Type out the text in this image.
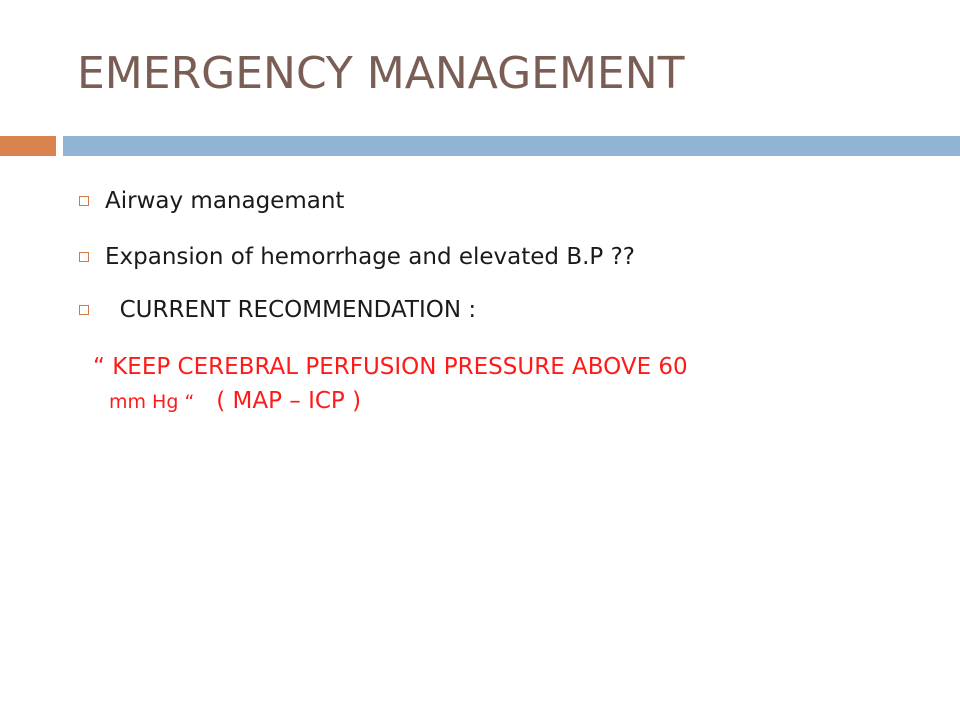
EMERGENCY MANAGEMENT
Airway managemant
Expansion of hemorrhage and elevated B.P ??
CURRENT RECOMMENDATION :
“ KEEP CEREBRAL PERFUSION PRESSURE ABOVE 60
mm Hg “   ( MAP – ICP )
